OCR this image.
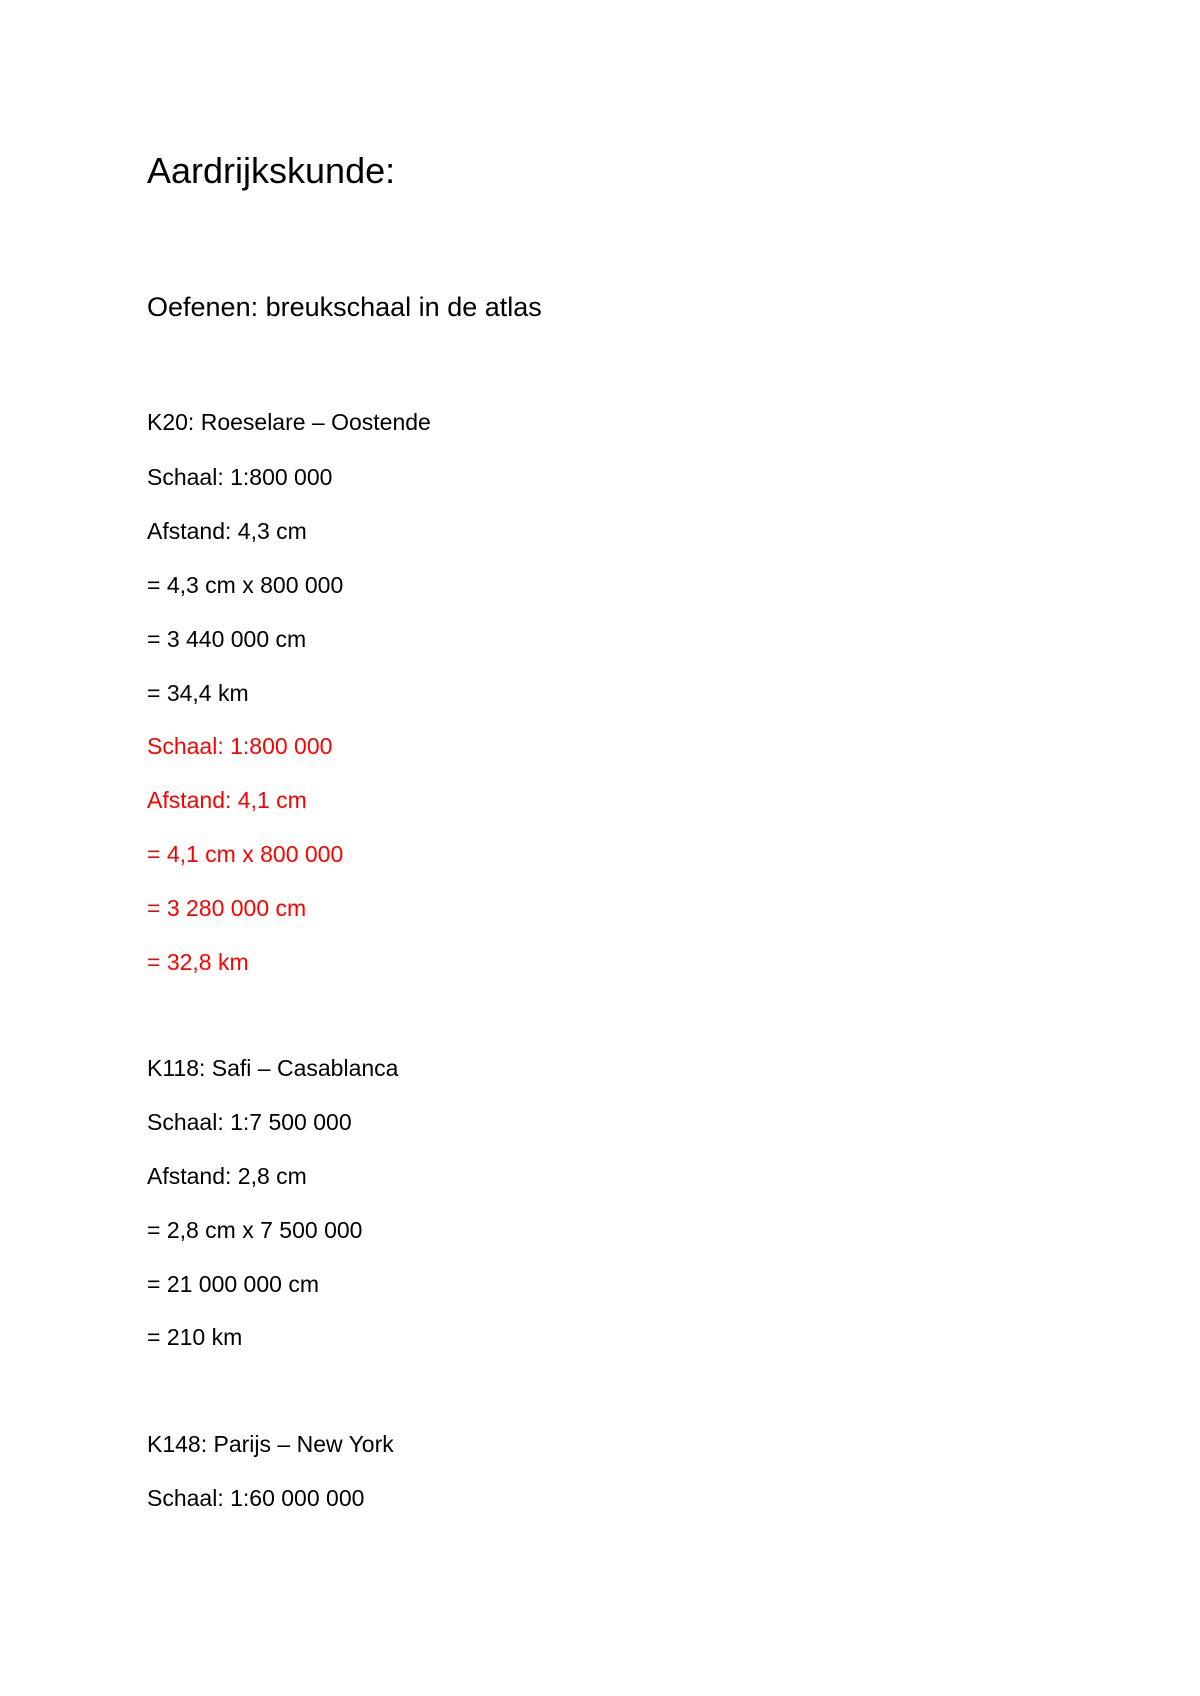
Aardrijkskunde:
Oefenen: breukschaal in de atlas
K20: Roeselare – Oostende
Schaal: 1:800 000
Afstand: 4,3 cm
= 4,3 cm x 800 000
= 3 440 000 cm
= 34,4 km
Schaal: 1:800 000
Afstand: 4,1 cm
= 4,1 cm x 800 000
= 3 280 000 cm
= 32,8 km
K118: Safi – Casablanca
Schaal: 1:7 500 000
Afstand: 2,8 cm
= 2,8 cm x 7 500 000
= 21 000 000 cm
= 210 km
K148: Parijs – New York
Schaal: 1:60 000 000
